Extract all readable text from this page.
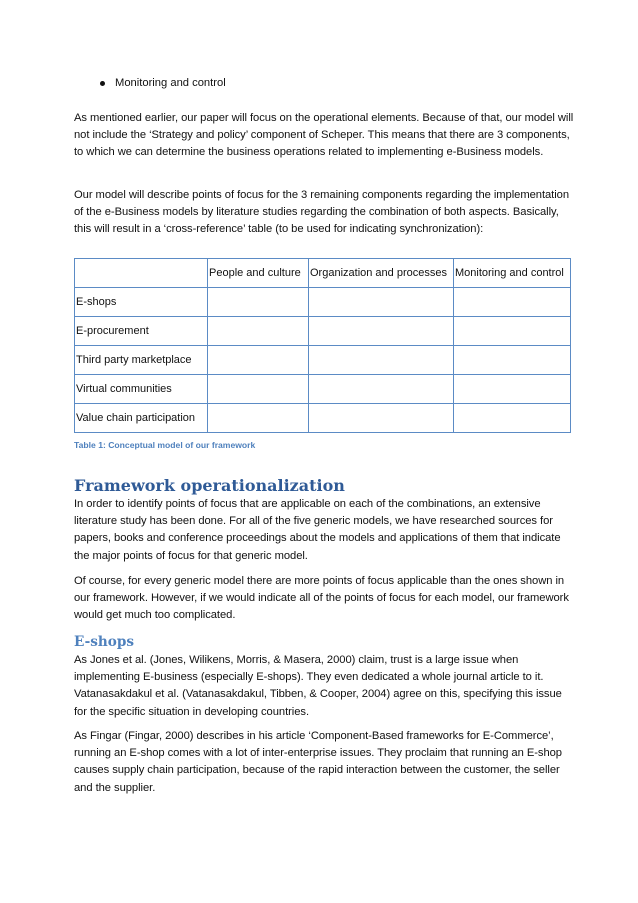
Monitoring and control

As mentioned earlier, our paper will focus on the operational elements. Because of that, our model will not include the ‘Strategy and policy’ component of Scheper. This means that there are 3 components, to which we can determine the business operations related to implementing e-Business models.

Our model will describe points of focus for the 3 remaining components regarding the implementation of the e-Business models by literature studies regarding the combination of both aspects. Basically, this will result in a ‘cross-reference’ table (to be used for indicating synchronization):

	People and culture	Organization and processes	Monitoring and control

E-shops			

E-procurement			

Third party marketplace			

Virtual communities			

Value chain participation			

Table 1: Conceptual model of our framework
Framework operationalization

In order to identify points of focus that are applicable on each of the combinations, an extensive literature study has been done. For all of the five generic models, we have researched sources for papers, books and conference proceedings about the models and applications of them that indicate the major points of focus for that generic model.

Of course, for every generic model there are more points of focus applicable than the ones shown in our framework. However, if we would indicate all of the points of focus for each model, our framework would get much too complicated.

E-shops

As Jones et al. (Jones, Wilikens, Morris, & Masera, 2000) claim, trust is a large issue when implementing E-business (especially E-shops). They even dedicated a whole journal article to it. Vatanasakdakul et al. (Vatanasakdakul, Tibben, & Cooper, 2004) agree on this, specifying this issue for the specific situation in developing countries.

As Fingar (Fingar, 2000) describes in his article ‘Component-Based frameworks for E-Commerce’, running an E-shop comes with a lot of inter-enterprise issues. They proclaim that running an E-shop causes supply chain participation, because of the rapid interaction between the customer, the seller and the supplier.
